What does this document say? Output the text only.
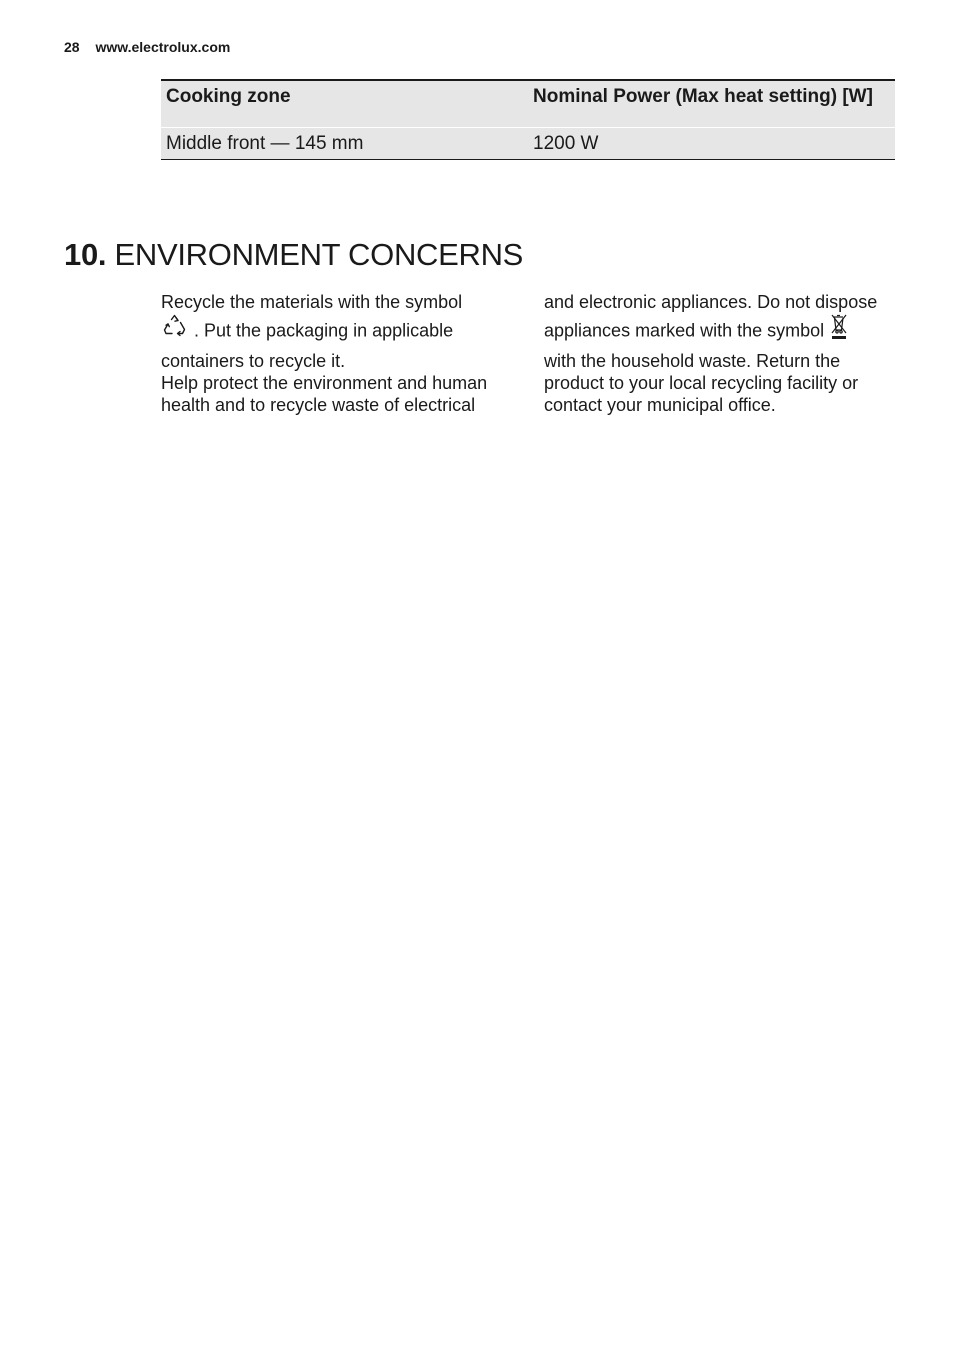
28 www.electrolux.com
Cooking zone	Nominal Power (Max heat setting) [W]
Middle front — 145 mm	1200 W
10. ENVIRONMENT CONCERNS

Recycle the materials with the symbol
. Put the packaging in applicable
containers to recycle it.

Help protect the environment and human
health and to recycle waste of electrical

and electronic appliances. Do not dispose
appliances marked with the symbol
with the household waste. Return the
product to your local recycling facility or
contact your municipal office.
